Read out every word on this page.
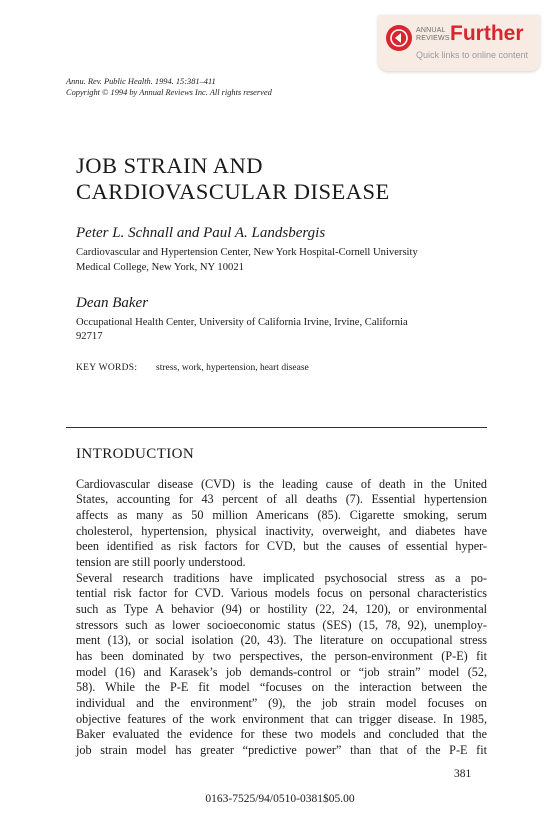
ANNUAL
REVIEWS Further
Quick links to online content
Annu. Rev. Public Health. 1994. 15:381–411
Copyright © 1994 by Annual Reviews Inc. All rights reserved
JOB STRAIN AND
CARDIOVASCULAR DISEASE
Peter L. Schnall and Paul A. Landsbergis
Cardiovascular and Hypertension Center, New York Hospital-Cornell University
Medical College, New York, NY 10021
Dean Baker
Occupational Health Center, University of California Irvine, Irvine, California
92717
KEY WORDS: stress, work, hypertension, heart disease
INTRODUCTION
Cardiovascular disease (CVD) is the leading cause of death in the United
States, accounting for 43 percent of all deaths (7). Essential hypertension
affects as many as 50 million Americans (85). Cigarette smoking, serum
cholesterol, hypertension, physical inactivity, overweight, and diabetes have
been identified as risk factors for CVD, but the causes of essential hyper-
tension are still poorly understood.
Several research traditions have implicated psychosocial stress as a po-
tential risk factor for CVD. Various models focus on personal characteristics
such as Type A behavior (94) or hostility (22, 24, 120), or environmental
stressors such as lower socioeconomic status (SES) (15, 78, 92), unemploy-
ment (13), or social isolation (20, 43). The literature on occupational stress
has been dominated by two perspectives, the person-environment (P-E) fit
model (16) and Karasek’s job demands-control or “job strain” model (52,
58). While the P-E fit model “focuses on the interaction between the
individual and the environment” (9), the job strain model focuses on
objective features of the work environment that can trigger disease. In 1985,
Baker evaluated the evidence for these two models and concluded that the
job strain model has greater “predictive power” than that of the P-E fit
381
0163-7525/94/0510-0381$05.00
